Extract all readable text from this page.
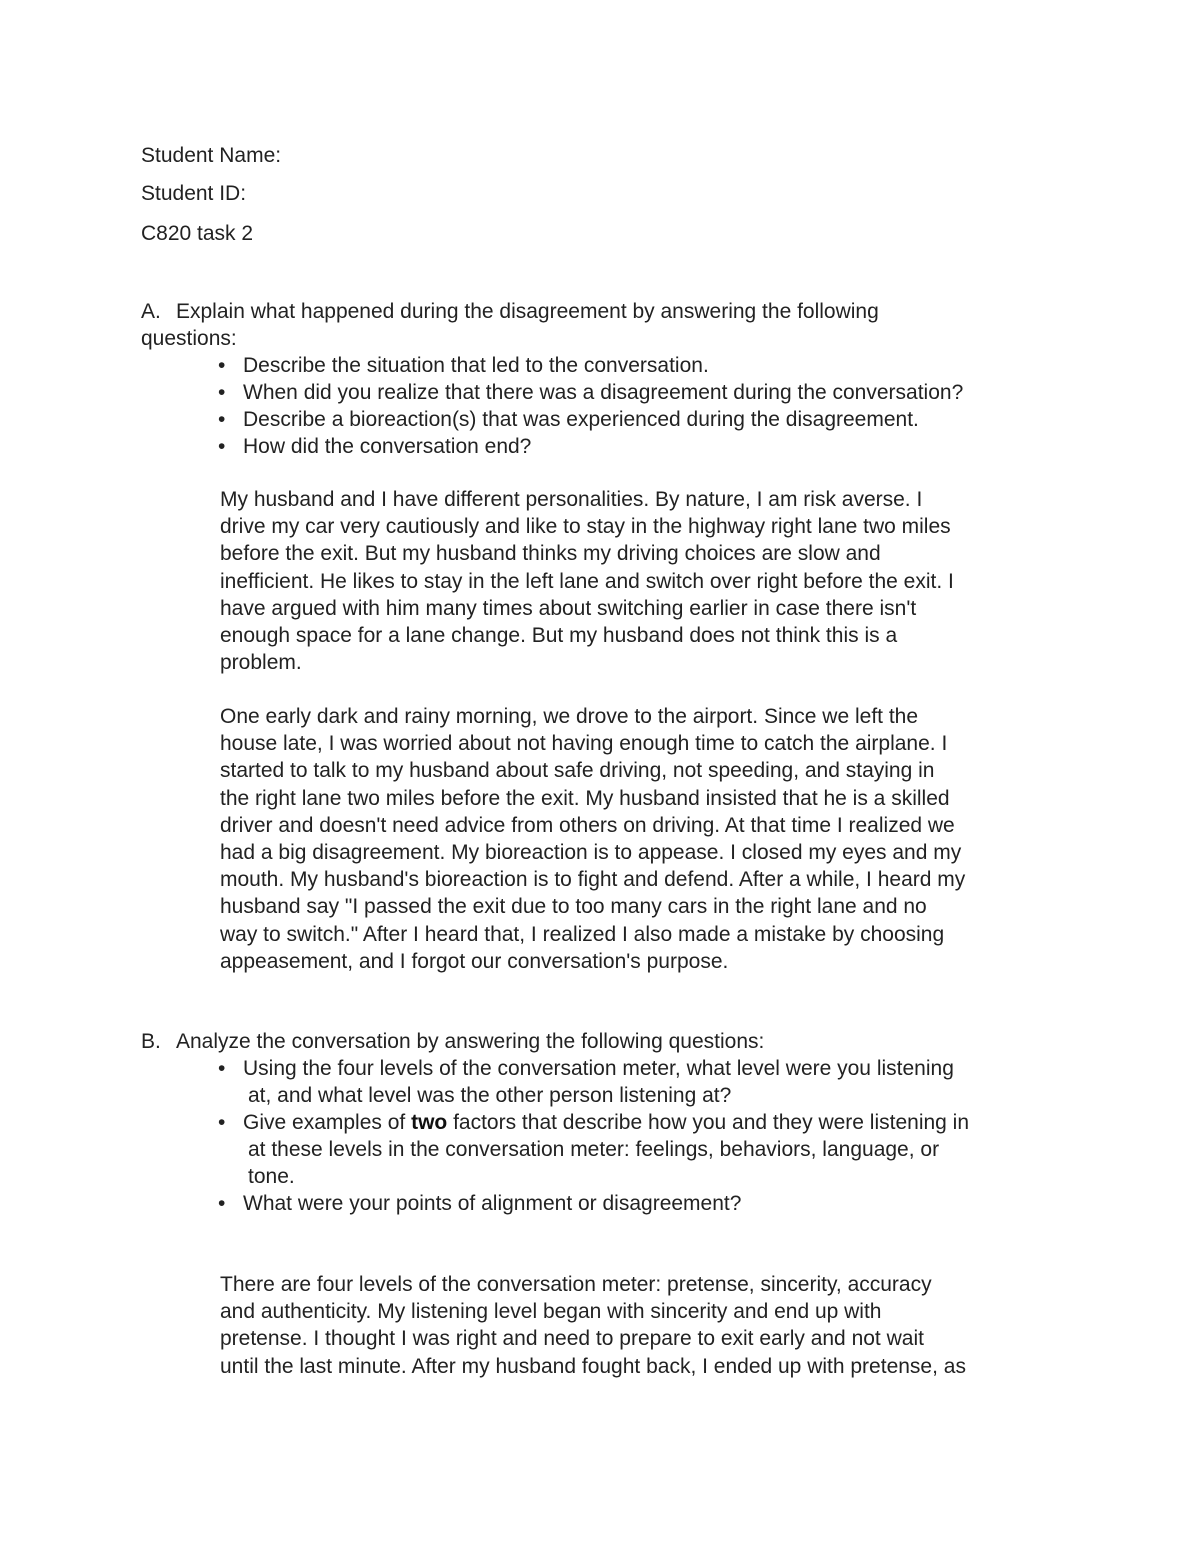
Student Name:

Student ID:

C820 task 2

A. Explain what happened during the disagreement by answering the following
questions:
• Describe the situation that led to the conversation.
• When did you realize that there was a disagreement during the conversation?
• Describe a bioreaction(s) that was experienced during the disagreement.
• How did the conversation end?
My husband and I have different personalities. By nature, I am risk averse. I
drive my car very cautiously and like to stay in the highway right lane two miles
before the exit. But my husband thinks my driving choices are slow and
inefficient. He likes to stay in the left lane and switch over right before the exit. I
have argued with him many times about switching earlier in case there isn't
enough space for a lane change. But my husband does not think this is a
problem.
One early dark and rainy morning, we drove to the airport. Since we left the
house late, I was worried about not having enough time to catch the airplane. I
started to talk to my husband about safe driving, not speeding, and staying in
the right lane two miles before the exit. My husband insisted that he is a skilled
driver and doesn't need advice from others on driving. At that time I realized we
had a big disagreement. My bioreaction is to appease. I closed my eyes and my
mouth. My husband's bioreaction is to fight and defend. After a while, I heard my
husband say "I passed the exit due to too many cars in the right lane and no
way to switch." After I heard that, I realized I also made a mistake by choosing
appeasement, and I forgot our conversation's purpose.
B. Analyze the conversation by answering the following questions:
• Using the four levels of the conversation meter, what level were you listening
at, and what level was the other person listening at?
• Give examples of two factors that describe how you and they were listening in
at these levels in the conversation meter: feelings, behaviors, language, or
tone.
• What were your points of alignment or disagreement?
There are four levels of the conversation meter: pretense, sincerity, accuracy
and authenticity. My listening level began with sincerity and end up with
pretense. I thought I was right and need to prepare to exit early and not wait
until the last minute. After my husband fought back, I ended up with pretense, as
